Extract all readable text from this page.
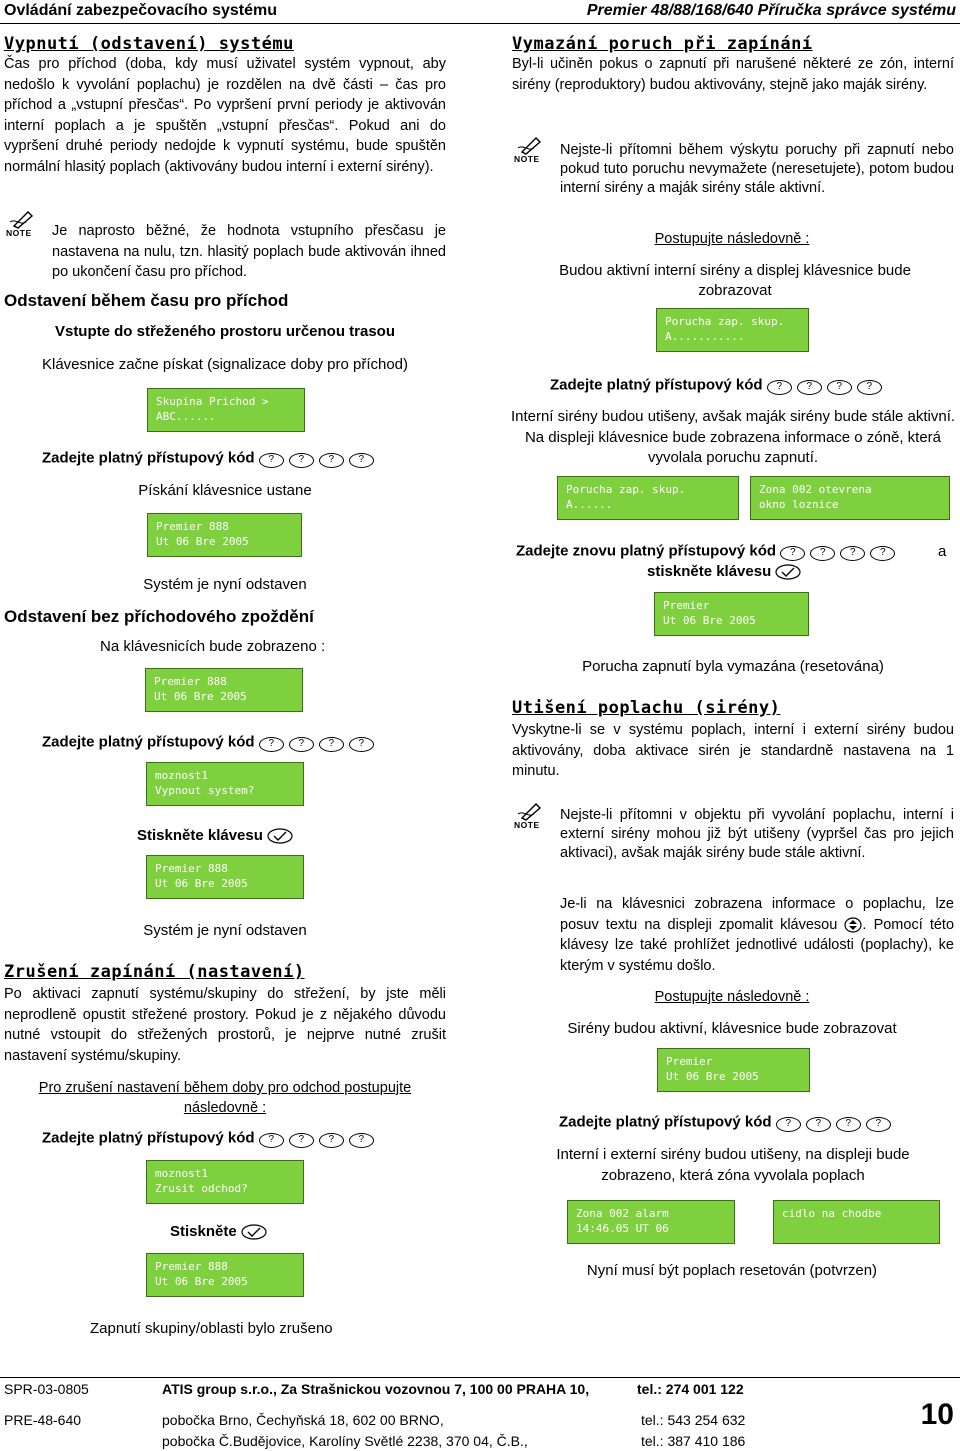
Ovládání zabezpečovacího systému	Premier 48/88/168/640 Příručka správce systému
Vypnutí (odstavení) systému
Čas pro příchod (doba, kdy musí uživatel systém vypnout, aby nedošlo k vyvolání poplachu) je rozdělen na dvě části – čas pro příchod a „vstupní přesčas“. Po vypršení první periody je aktivován interní poplach a je spuštěn „vstupní přesčas“. Pokud ani do vypršení druhé periody nedojde k vypnutí systému, bude spuštěn normální hlasitý poplach (aktivovány budou interní i externí sirény).
NOTE Je naprosto běžné, že hodnota vstupního přesčasu je nastavena na nulu, tzn. hlasitý poplach bude aktivován ihned po ukončení času pro příchod.
Odstavení během času pro příchod
Vstupte do střeženého prostoru určenou trasou
Klávesnice začne pískat (signalizace doby pro příchod)
Skupina Prichod >
ABC......
Zadejte platný přístupový kód ? ? ? ?
Pískání klávesnice ustane
Premier 888
Ut 06 Bre 2005
Systém je nyní odstaven
Odstavení bez příchodového zpoždění
Na klávesnicích bude zobrazeno :
Premier 888
Ut 06 Bre 2005
Zadejte platný přístupový kód ? ? ? ?
moznost1
Vypnout system?
Stiskněte klávesu
Premier 888
Ut 06 Bre 2005
Systém je nyní odstaven
Zrušení zapínání (nastavení)
Po aktivaci zapnutí systému/skupiny do střežení, by jste měli neprodleně opustit střežené prostory. Pokud je z nějakého důvodu nutné vstoupit do střežených prostorů, je nejprve nutné zrušit nastavení systému/skupiny.
Pro zrušení nastavení během doby pro odchod postupujte následovně :
Zadejte platný přístupový kód ? ? ? ?
moznost1
Zrusit odchod?
Stiskněte
Premier 888
Ut 06 Bre 2005
Zapnutí skupiny/oblasti bylo zrušeno
Vymazání poruch při zapínání
Byl-li učiněn pokus o zapnutí při narušené některé ze zón, interní sirény (reproduktory) budou aktivovány, stejně jako maják sirény.
NOTE
Nejste-li přítomni během výskytu poruchy při zapnutí nebo pokud tuto poruchu nevymažete (neresetujete), potom budou interní sirény a maják sirény stále aktivní.
Postupujte následovně :
Budou aktivní interní sirény a displej klávesnice bude zobrazovat
Porucha zap. skup.
A...........
Zadejte platný přístupový kód ? ? ? ?
Interní sirény budou utišeny, avšak maják sirény bude stále aktivní. Na displeji klávesnice bude zobrazena informace o zóně, která vyvolala poruchu zapnutí.
Porucha zap. skup.
A......
Zona 002 otevrena
okno loznice
Zadejte znovu platný přístupový kód ? ? ? ?	a
stiskněte klávesu
Premier
Ut 06 Bre 2005
Porucha zapnutí byla vymazána (resetována)
Utišení poplachu (sirény)
Vyskytne-li se v systému poplach, interní i externí sirény budou aktivovány, doba aktivace sirén je standardně nastavena na 1 minutu.
NOTE
Nejste-li přítomni v objektu při vyvolání poplachu, interní i externí sirény mohou již být utišeny (vypršel čas pro jejich aktivaci), avšak maják sirény bude stále aktivní.
Je-li na klávesnici zobrazena informace o poplachu, lze posuv textu na displeji zpomalit klávesou . Pomocí této klávesy lze také prohlížet jednotlivé události (poplachy), ke kterým v systému došlo.
Postupujte následovně :
Sirény budou aktivní, klávesnice bude zobrazovat
Premier
Ut 06 Bre 2005
Zadejte platný přístupový kód ? ? ? ?
Interní i externí sirény budou utišeny, na displeji bude zobrazeno, která zóna vyvolala poplach
Zona 002 alarm
14:46.05 UT 06
cidlo na chodbe
Nyní musí být poplach resetován (potvrzen)
SPR-03-0805
PRE-48-640
ATIS group s.r.o., Za Strašnickou vozovnou 7, 100 00 PRAHA 10,	tel.: 274 001 122
pobočka Brno, Čechyňská 18, 602 00 BRNO,	tel.: 543 254 632
pobočka Č.Budějovice, Karolíny Světlé 2238, 370 04, Č.B.,	tel.: 387 410 186
10
